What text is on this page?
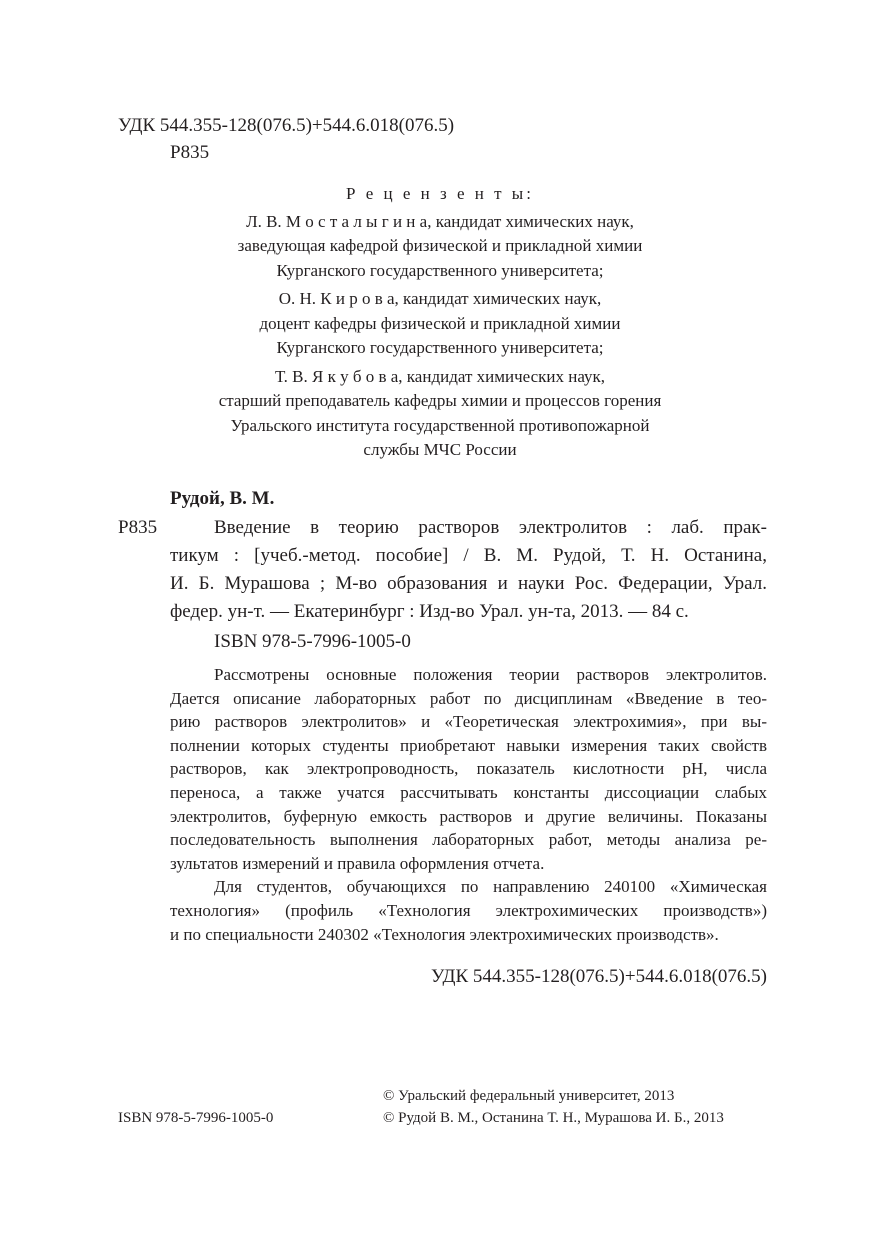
УДК 544.355-128(076.5)+544.6.018(076.5)
Р835
Р е ц е н з е н т ы:
Л. В. М о с т а л ы г и н а, кандидат химических наук,
заведующая кафедрой физической и прикладной химии
Курганского государственного университета;
О. Н. К и р о в а, кандидат химических наук,
доцент кафедры физической и прикладной химии
Курганского государственного университета;
Т. В. Я к у б о в а, кандидат химических наук,
старший преподаватель кафедры химии и процессов горения
Уральского института государственной противопожарной
службы МЧС России
Рудой, В. М.
Р835	Введение в теорию растворов электролитов : лаб. прак-
тикум : [учеб.-метод. пособие] / В. М. Рудой, Т. Н. Останина,
И. Б. Мурашова ; М-во образования и науки Рос. Федерации, Урал.
федер. ун-т. — Екатеринбург : Изд-во Урал. ун-та, 2013. — 84 с.
ISBN 978-5-7996-1005-0
Рассмотрены основные положения теории растворов электролитов.
Дается описание лабораторных работ по дисциплинам «Введение в тео-
рию растворов электролитов» и «Теоретическая электрохимия», при вы-
полнении которых студенты приобретают навыки измерения таких свойств
растворов, как электропроводность, показатель кислотности pH, числа
переноса, а также учатся рассчитывать константы диссоциации слабых
электролитов, буферную емкость растворов и другие величины. Показаны
последовательность выполнения лабораторных работ, методы анализа ре-
зультатов измерений и правила оформления отчета.
Для студентов, обучающихся по направлению 240100 «Химическая
технология» (профиль «Технология электрохимических производств»)
и по специальности 240302 «Технология электрохимических производств».
УДК 544.355-128(076.5)+544.6.018(076.5)
© Уральский федеральный университет, 2013
© Рудой В. М., Останина Т. Н., Мурашова И. Б., 2013
ISBN 978-5-7996-1005-0
